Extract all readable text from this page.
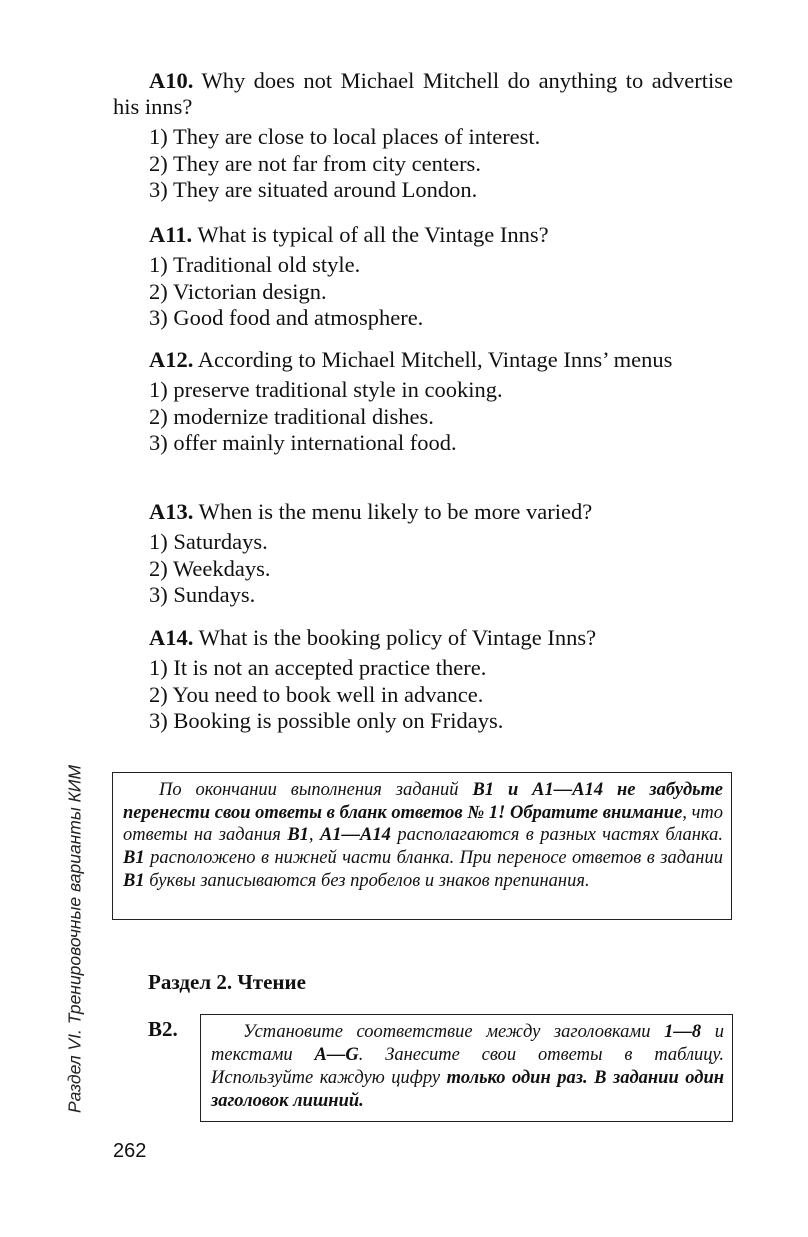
A10. Why does not Michael Mitchell do anything to advertise his inns?

1) They are close to local places of interest.
2) They are not far from city centers.
3) They are situated around London.

A11. What is typical of all the Vintage Inns?

1) Traditional old style.
2) Victorian design.
3) Good food and atmosphere.

A12. According to Michael Mitchell, Vintage Inns’ menus

1) preserve traditional style in cooking.
2) modernize traditional dishes.
3) offer mainly international food.

A13. When is the menu likely to be more varied?

1) Saturdays.
2) Weekdays.
3) Sundays.

A14. What is the booking policy of Vintage Inns?

1) It is not an accepted practice there.
2) You need to book well in advance.
3) Booking is possible only on Fridays.

По окончании выполнения заданий B1 и A1—A14 не забудьте перенести свои ответы в бланк ответов № 1! Обратите внимание, что ответы на задания B1, A1—A14 располагаются в разных частях бланка. B1 расположено в нижней части бланка. При переносе ответов в задании B1 буквы записываются без пробелов и знаков препинания.

Раздел 2. Чтение
B2.	Установите соответствие между заголовками 1—8 и текстами A—G. Занесите свои ответы в таблицу. Используйте каждую цифру только один раз. В задании один заголовок лишний.

Раздел VI. Тренировочные варианты КИМ
262
